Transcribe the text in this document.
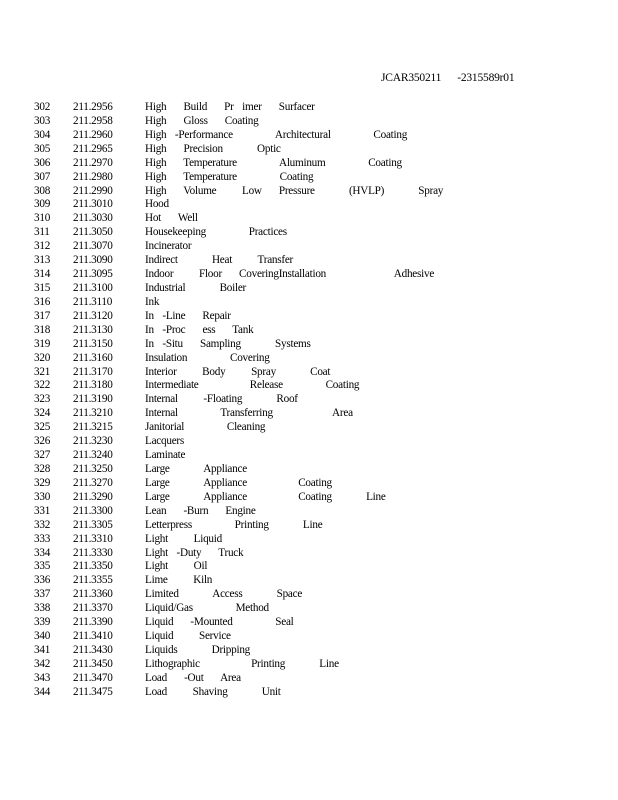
JCAR350211 -2315589r01
302 211.2956	High  Build  Pr imer  Surfacer
303 211.2958	High  Gloss  Coating
304 211.2960	High -Performance     Architectural     Coating
305 211.2965	High  Precision    Optic
306 211.2970	High  Temperature     Aluminum     Coating
307 211.2980	High  Temperature     Coating
308 211.2990	High  Volume   Low  Pressure    (HVLP)    Spray
309 211.3010	Hood
310 211.3030	Hot  Well
311 211.3050	Housekeeping     Practices
312 211.3070	Incinerator
313 211.3090	Indirect    Heat   Transfer
314 211.3095	Indoor   Floor  CoveringInstallation        Adhesive
315 211.3100	Industrial    Boiler
316 211.3110	Ink
317 211.3120	In -Line  Repair
318 211.3130	In -Proc  ess  Tank
319 211.3150	In -Situ  Sampling    Systems
320 211.3160	Insulation     Covering
321 211.3170	Interior   Body   Spray    Coat
322 211.3180	Intermediate      Release     Coating
323 211.3190	Internal   -Floating    Roof
324 211.3210	Internal     Transferring       Area
325 211.3215	Janitorial     Cleaning
326 211.3230	Lacquers
327 211.3240	Laminate
328 211.3250	Large    Appliance
329 211.3270	Large    Appliance      Coating
330 211.3290	Large    Appliance      Coating    Line
331 211.3300	Lean  -Burn  Engine
332 211.3305	Letterpress     Printing    Line
333 211.3310	Light   Liquid
334 211.3330	Light -Duty  Truck
335 211.3350	Light   Oil
336 211.3355	Lime   Kiln
337 211.3360	Limited    Access    Space
338 211.3370	Liquid/Gas     Method
339 211.3390	Liquid  -Mounted     Seal
340 211.3410	Liquid   Service
341 211.3430	Liquids    Dripping
342 211.3450	Lithographic      Printing    Line
343 211.3470	Load  -Out  Area
344 211.3475	Load   Shaving    Unit
